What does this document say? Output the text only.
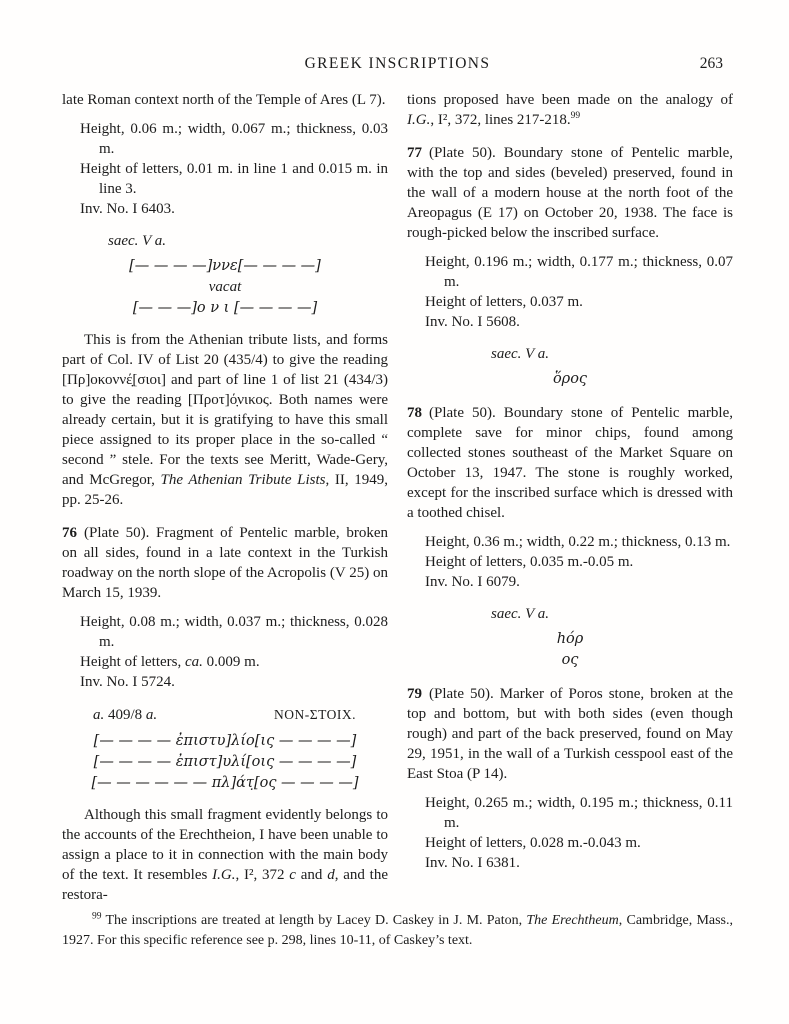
GREEK INSCRIPTIONS	263

late Roman context north of the Temple of Ares (L 7).

Height, 0.06 m.; width, 0.067 m.; thickness, 0.03 m.
Height of letters, 0.01 m. in line 1 and 0.015 m. in line 3.
Inv. No. I 6403.
saec. V a.
[— — — —]ννε[— — — —]
vacat
[— — —]ο ν ι [— — — —]

This is from the Athenian tribute lists, and forms part of Col. IV of List 20 (435/4) to give the reading [Πρ]οκοννέ̣[σιοι] and part of line 1 of list 21 (434/3) to give the reading [Προτ]ό̣νικος. Both names were already certain, but it is gratifying to have this small piece assigned to its proper place in the so-called “ second ” stele. For the texts see Meritt, Wade-Gery, and McGregor, The Athenian Tribute Lists, II, 1949, pp. 25-26.

76 (Plate 50). Fragment of Pentelic marble, broken on all sides, found in a late context in the Turkish roadway on the north slope of the Acropolis (V 25) on March 15, 1939.

Height, 0.08 m.; width, 0.037 m.; thickness, 0.028 m.
Height of letters, ca. 0.009 m.
Inv. No. I 5724.
a. 409/8 a.	NON-ΣΤΟΙΧ.
[— — — — ἐπιστυ]λίο[ις — — — —]
[— — — — ἐπιστ]υλί[οις — — — —]
[— — — — — — πλ]άτ̣[ος — — — —]

Although this small fragment evidently belongs to the accounts of the Erechtheion, I have been unable to assign a place to it in connection with the main body of the text. It resembles I.G., I², 372 c and d, and the restora-

tions proposed have been made on the analogy of I.G., I², 372, lines 217-218.99

77 (Plate 50). Boundary stone of Pentelic marble, with the top and sides (beveled) preserved, found in the wall of a modern house at the north foot of the Areopagus (E 17) on October 20, 1938. The face is rough-picked below the inscribed surface.

Height, 0.196 m.; width, 0.177 m.; thickness, 0.07 m.
Height of letters, 0.037 m.
Inv. No. I 5608.
saec. V a.
ὅρος

78 (Plate 50). Boundary stone of Pentelic marble, complete save for minor chips, found among collected stones southeast of the Market Square on October 13, 1947. The stone is roughly worked, except for the inscribed surface which is dressed with a toothed chisel.

Height, 0.36 m.; width, 0.22 m.; thickness, 0.13 m.
Height of letters, 0.035 m.-0.05 m.
Inv. No. I 6079.
saec. V a.
hόρ
ος

79 (Plate 50). Marker of Poros stone, broken at the top and bottom, but with both sides (even though rough) and part of the back preserved, found on May 29, 1951, in the wall of a Turkish cesspool east of the East Stoa (P 14).

Height, 0.265 m.; width, 0.195 m.; thickness, 0.11 m.
Height of letters, 0.028 m.-0.043 m.
Inv. No. I 6381.

$^{99}$ The inscriptions are treated at length by Lacey D. Caskey in J. M. Paton, The Erechtheum, Cambridge, Mass., 1927. For this specific reference see p. 298, lines 10-11, of Caskey’s text.
